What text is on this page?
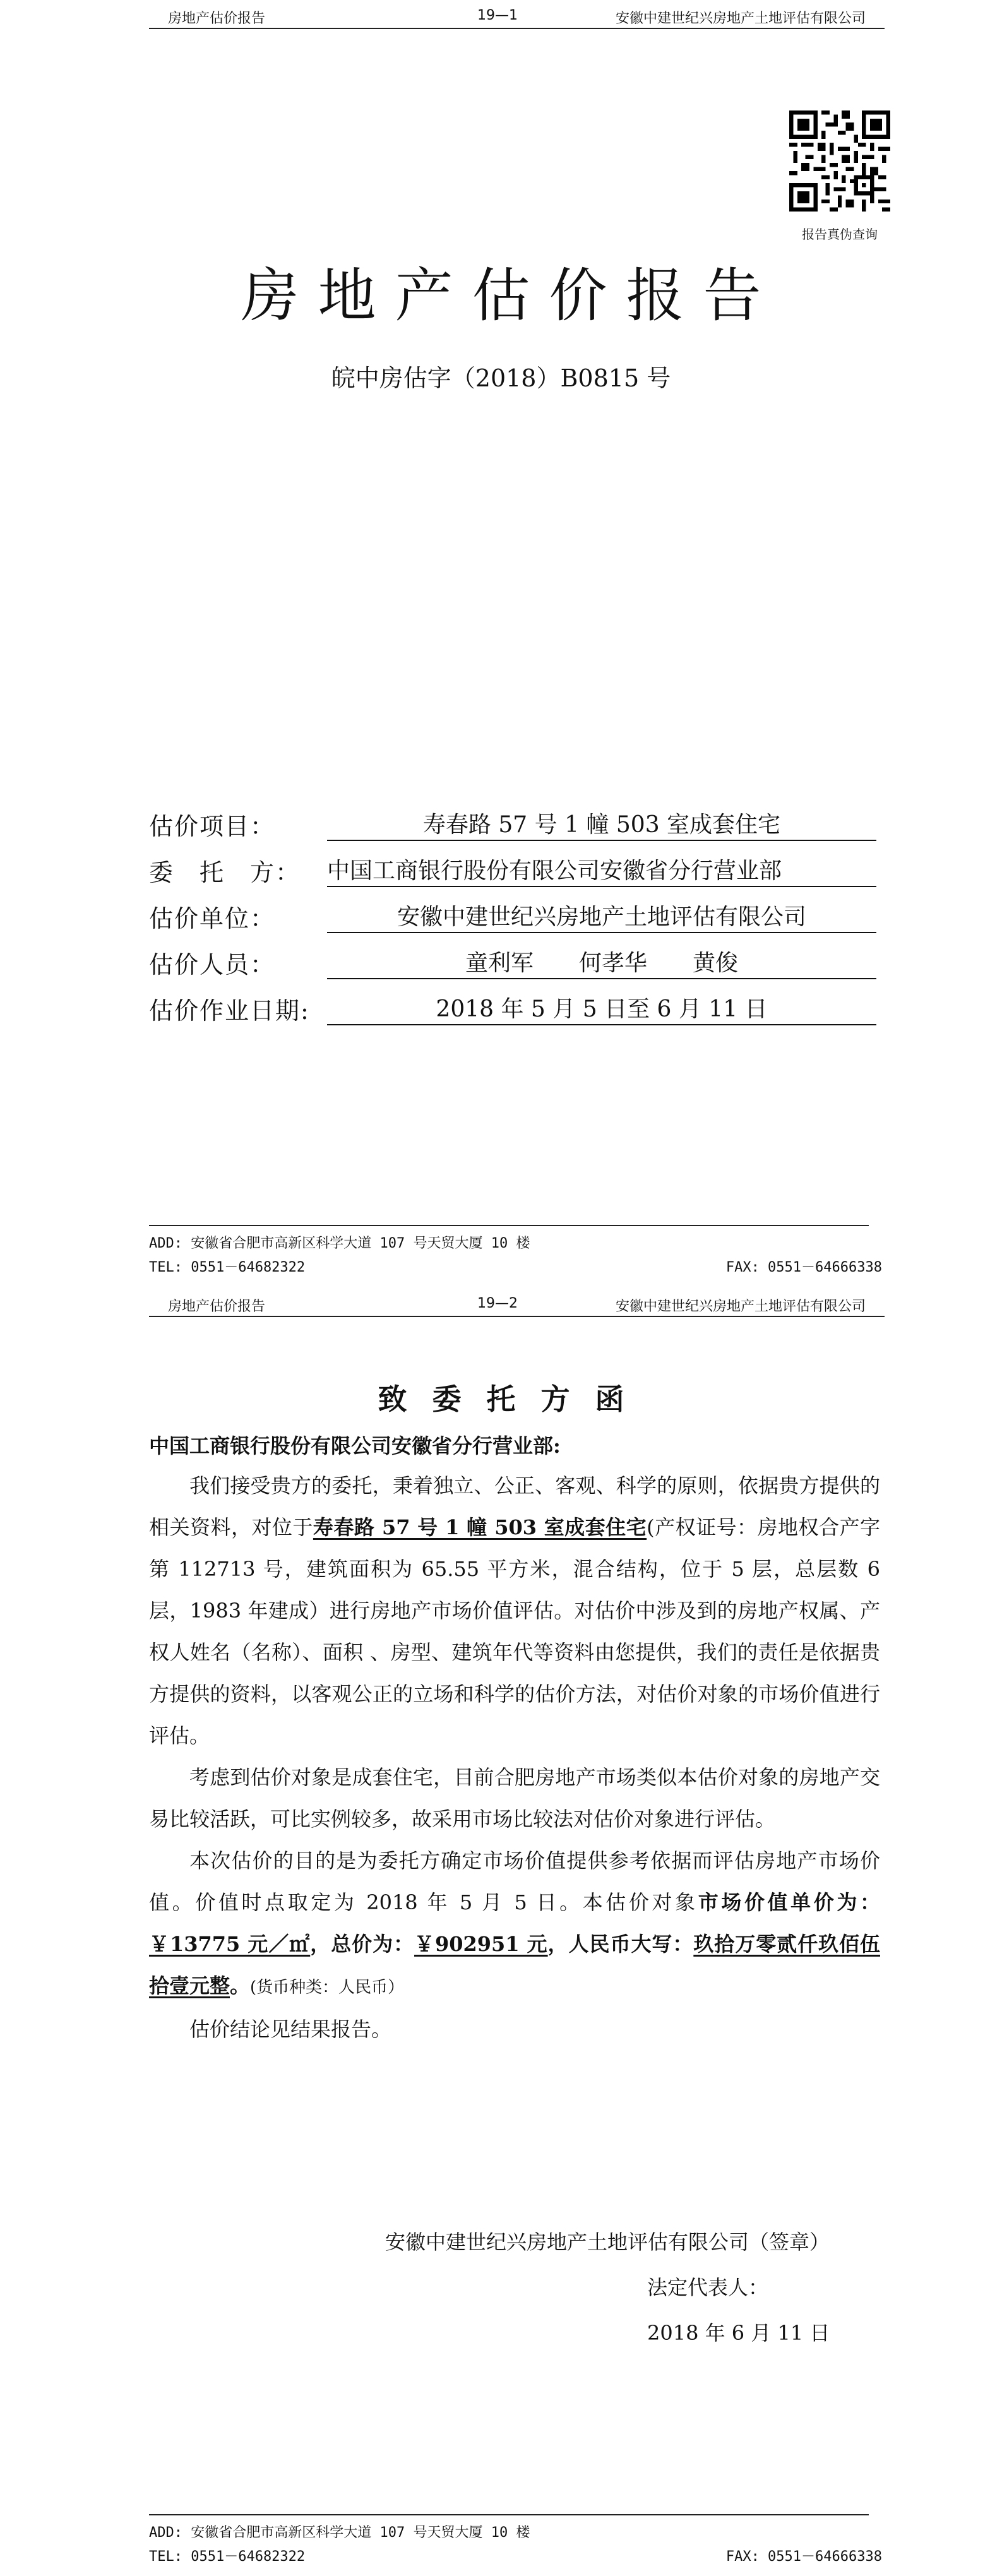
房地产估价报告	19—1	安徽中建世纪兴房地产土地评估有限公司
报告真伪查询
房地产估价报告
皖中房估字（2018）B0815 号
估价项目：	寿春路 57 号 1 幢 503 室成套住宅
委　托　方： 中国工商银行股份有限公司安徽省分行营业部
估价单位：	安徽中建世纪兴房地产土地评估有限公司
估价人员：	童利军　　何孝华　　黄俊
估价作业日期:	2018 年 5 月 5 日至 6 月 11 日
ADD: 安徽省合肥市高新区科学大道 107 号天贸大厦 10 楼
TEL: 0551－64682322	FAX: 0551－64666338
房地产估价报告	19—2	安徽中建世纪兴房地产土地评估有限公司
致委托方函
中国工商银行股份有限公司安徽省分行营业部:

我们接受贵方的委托，秉着独立、公正、客观、科学的原则，依据贵方提供的相关资料，对位于寿春路 57 号 1 幢 503 室成套住宅(产权证号：房地权合产字第 112713 号，建筑面积为 65.55 平方米，混合结构，位于 5 层，总层数 6 层，1983 年建成）进行房地产市场价值评估。对估价中涉及到的房地产权属、产权人姓名（名称）、面积 、房型、建筑年代等资料由您提供，我们的责任是依据贵方提供的资料，以客观公正的立场和科学的估价方法，对估价对象的市场价值进行评估。

考虑到估价对象是成套住宅，目前合肥房地产市场类似本估价对象的房地产交易比较活跃，可比实例较多，故采用市场比较法对估价对象进行评估。

本次估价的目的是为委托方确定市场价值提供参考依据而评估房地产市场价值。价值时点取定为 2018 年 5 月 5 日。本估价对象市场价值单价为：￥13775 元／㎡，总价为：￥902951 元，人民币大写：玖拾万零贰仟玖佰伍拾壹元整。(货币种类：人民币）

估价结论见结果报告。

安徽中建世纪兴房地产土地评估有限公司（签章）
法定代表人：
2018 年 6 月 11 日
ADD: 安徽省合肥市高新区科学大道 107 号天贸大厦 10 楼
TEL: 0551－64682322	FAX: 0551－64666338
